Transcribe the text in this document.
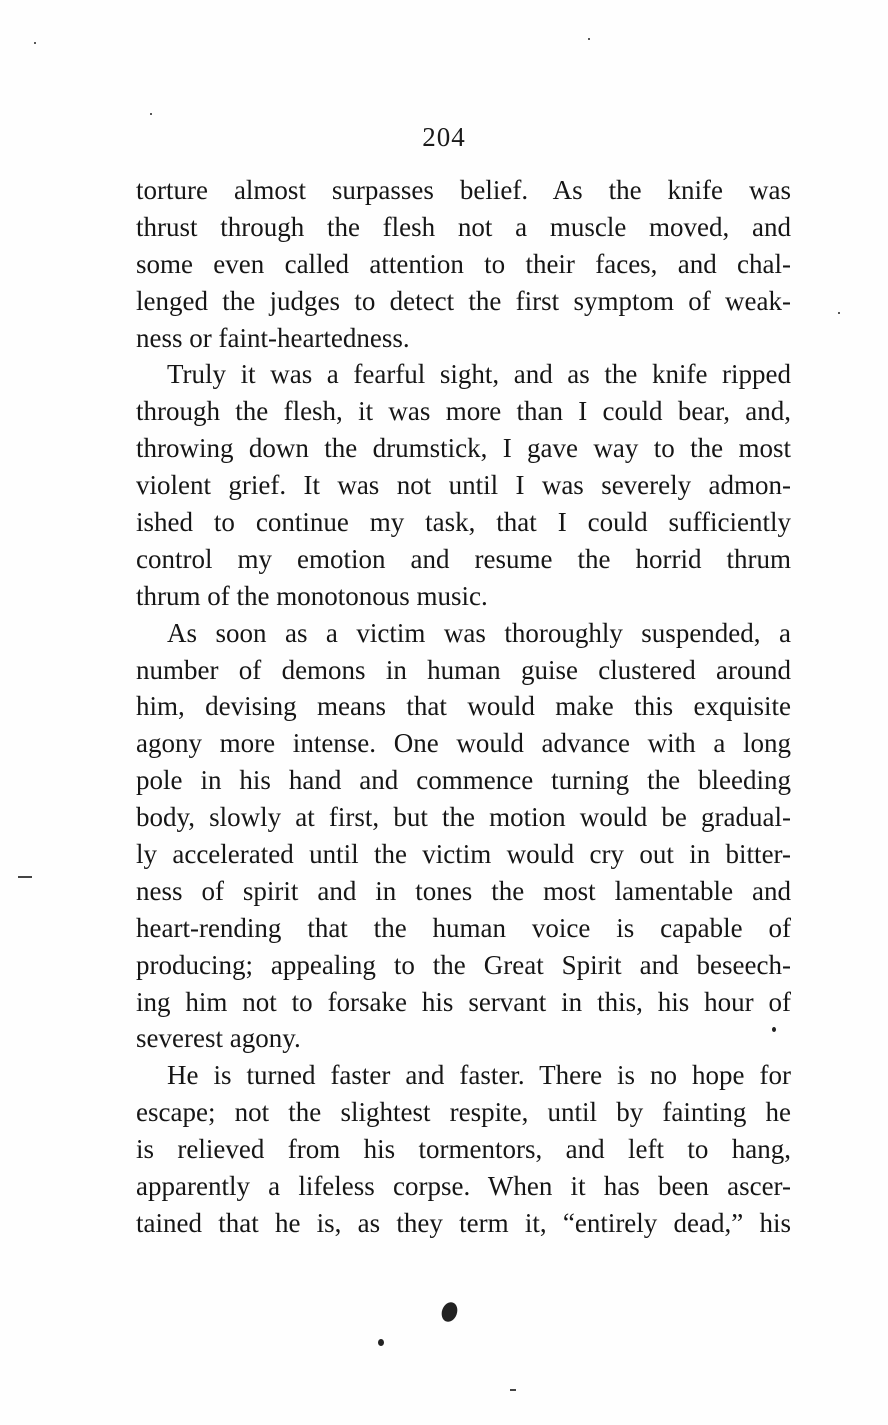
204
torture almost surpasses belief. As the knife was
thrust through the flesh not a muscle moved, and
some even called attention to their faces, and chal-
lenged the judges to detect the first symptom of weak-
ness or faint-heartedness.
Truly it was a fearful sight, and as the knife ripped
through the flesh, it was more than I could bear, and,
throwing down the drumstick, I gave way to the most
violent grief. It was not until I was severely admon-
ished to continue my task, that I could sufficiently
control my emotion and resume the horrid thrum
thrum of the monotonous music.
As soon as a victim was thoroughly suspended, a
number of demons in human guise clustered around
him, devising means that would make this exquisite
agony more intense. One would advance with a long
pole in his hand and commence turning the bleeding
body, slowly at first, but the motion would be gradual-
ly accelerated until the victim would cry out in bitter-
ness of spirit and in tones the most lamentable and
heart-rending that the human voice is capable of
producing; appealing to the Great Spirit and beseech-
ing him not to forsake his servant in this, his hour of
severest agony.
He is turned faster and faster. There is no hope for
escape; not the slightest respite, until by fainting he
is relieved from his tormentors, and left to hang,
apparently a lifeless corpse. When it has been ascer-
tained that he is, as they term it, “entirely dead,” his
